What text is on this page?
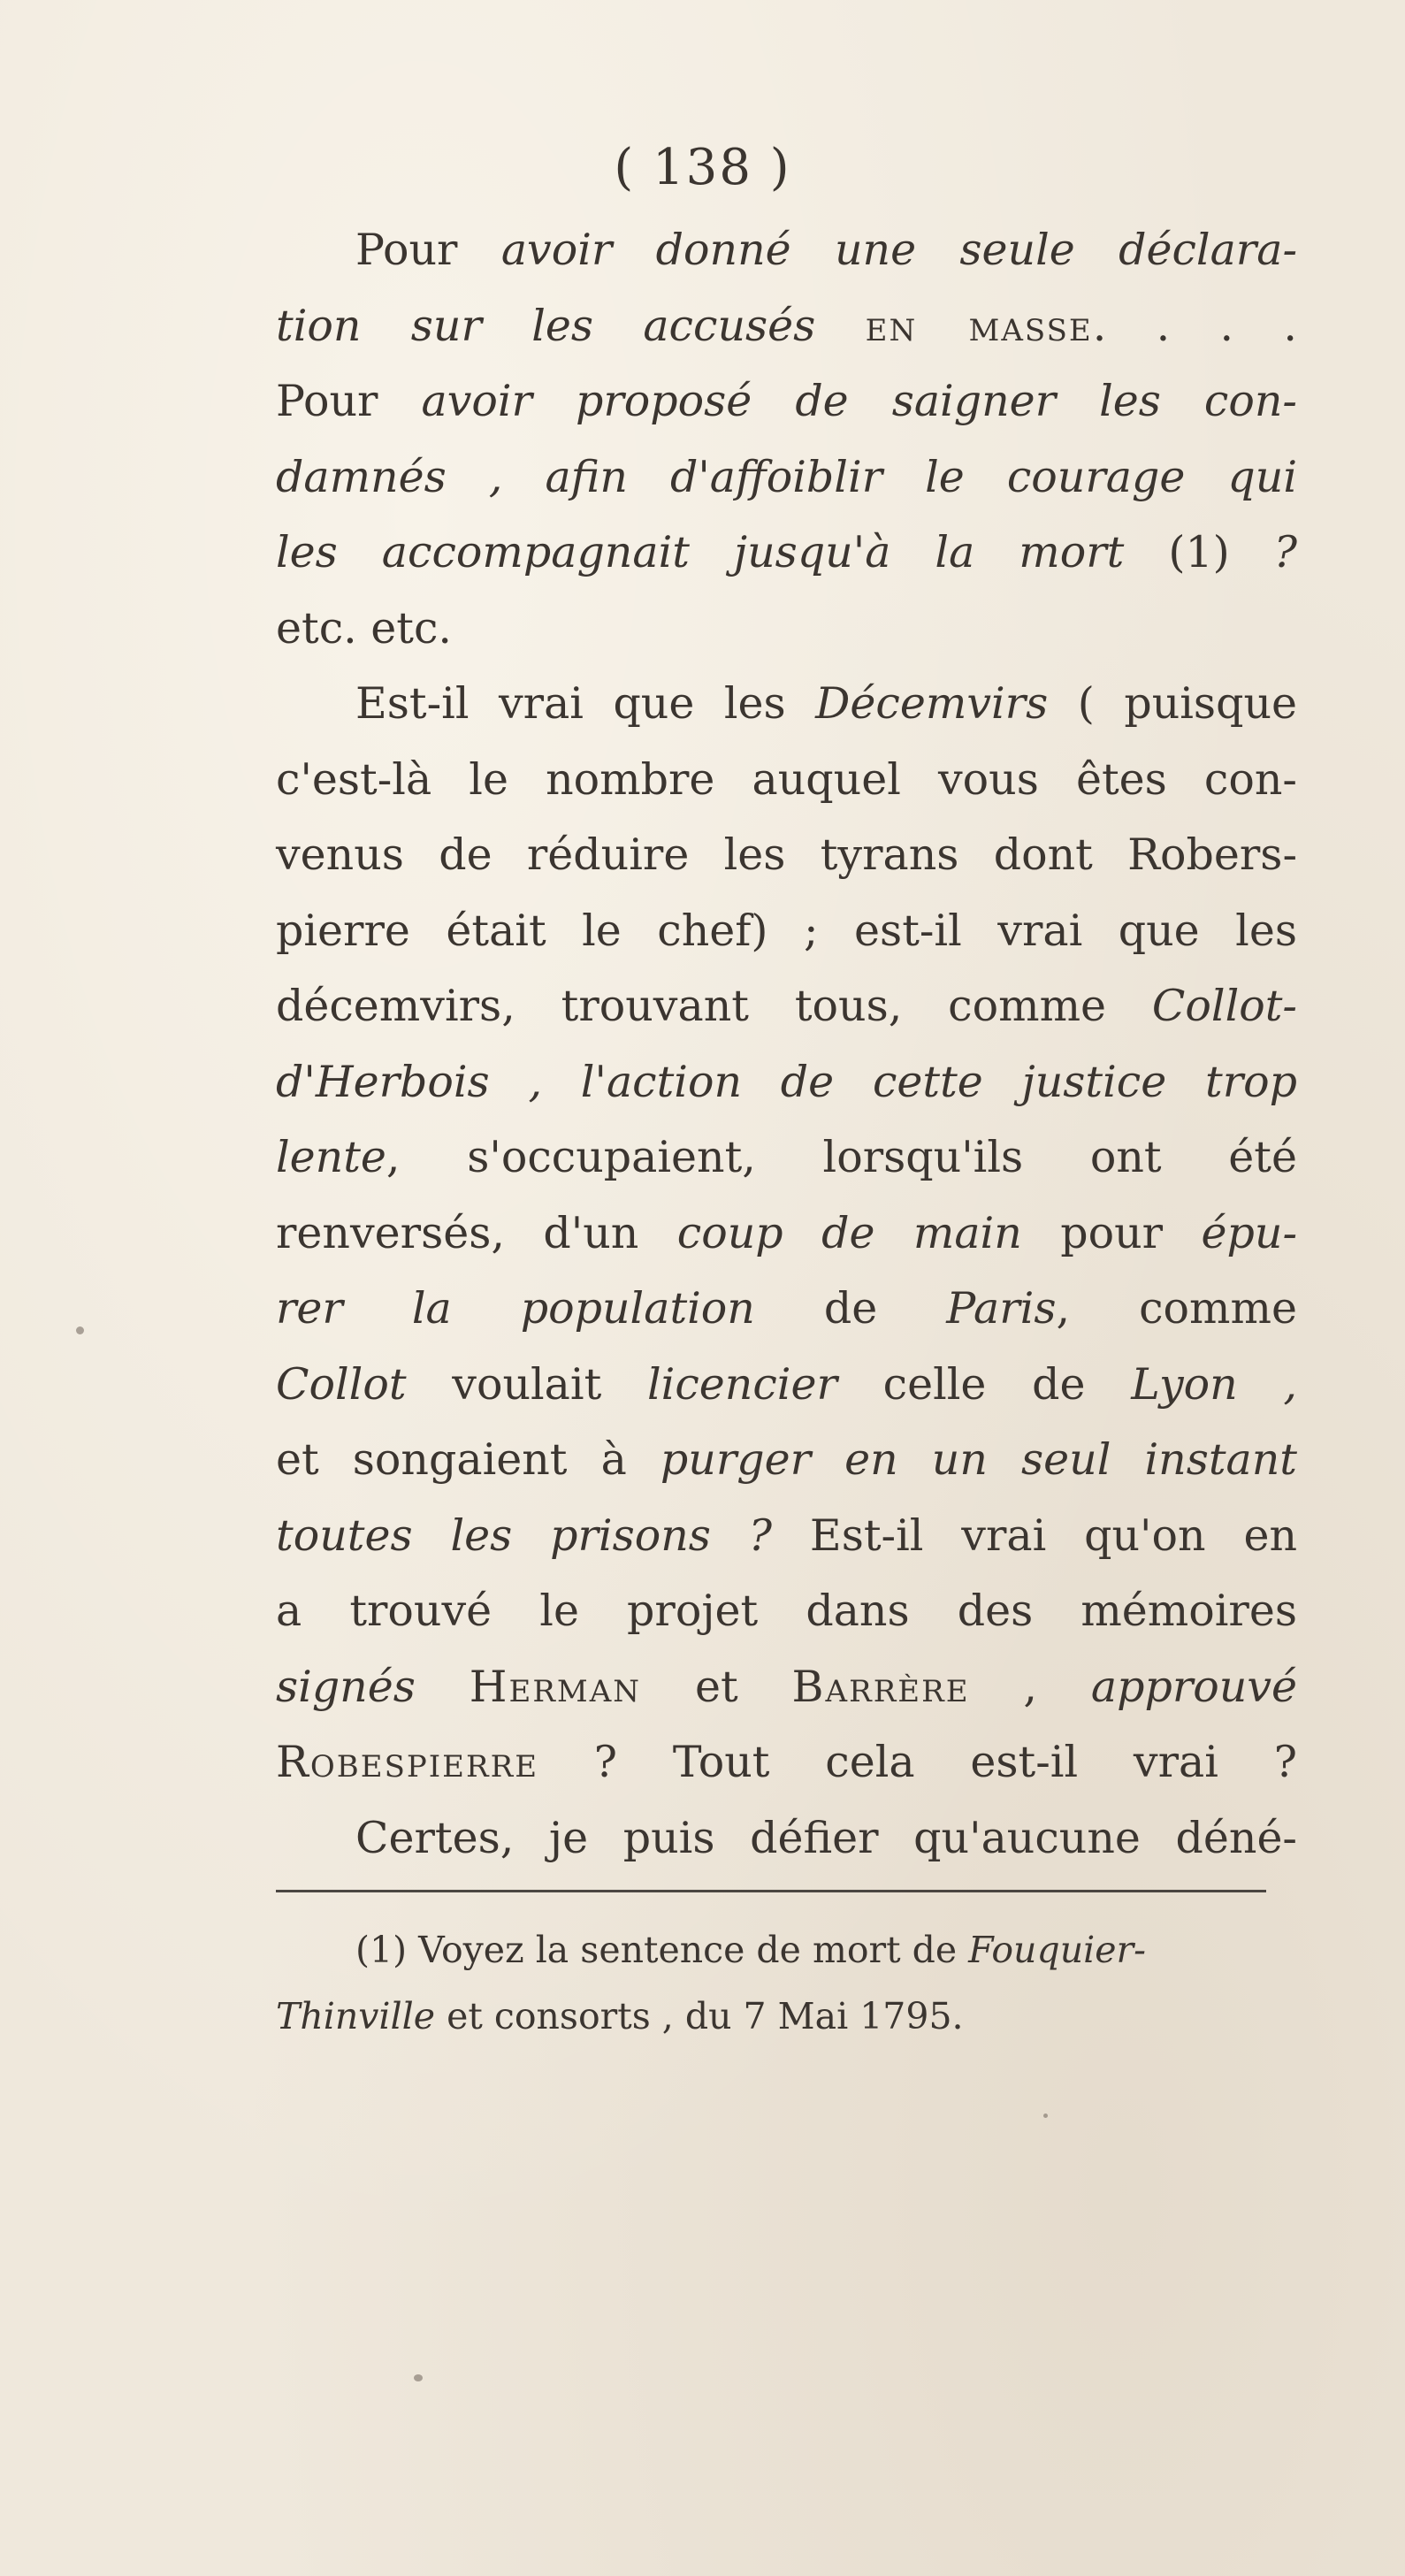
( 138 )
Pour avoir donné une seule déclara-
tion sur les accusés en masse. . . .
Pour avoir proposé de saigner les con-
damnés , afin d'affoiblir le courage qui
les accompagnait jusqu'à la mort (1) ?
etc. etc.
Est-il vrai que les Décemvirs ( puisque
c'est-là le nombre auquel vous êtes con-
venus de réduire les tyrans dont Robers-
pierre était le chef) ; est-il vrai que les
décemvirs, trouvant tous, comme Collot-
d'Herbois , l'action de cette justice trop
lente, s'occupaient, lorsqu'ils ont été
renversés, d'un coup de main pour épu-
rer la population de Paris, comme
Collot voulait licencier celle de Lyon ,
et songaient à purger en un seul instant
toutes les prisons ? Est-il vrai qu'on en
a trouvé le projet dans des mémoires
signés Herman et Barrère , approuvé
Robespierre ? Tout cela est-il vrai ?
Certes, je puis défier qu'aucune déné-
(1) Voyez la sentence de mort de Fouquier-
Thinville et consorts , du 7 Mai 1795.
